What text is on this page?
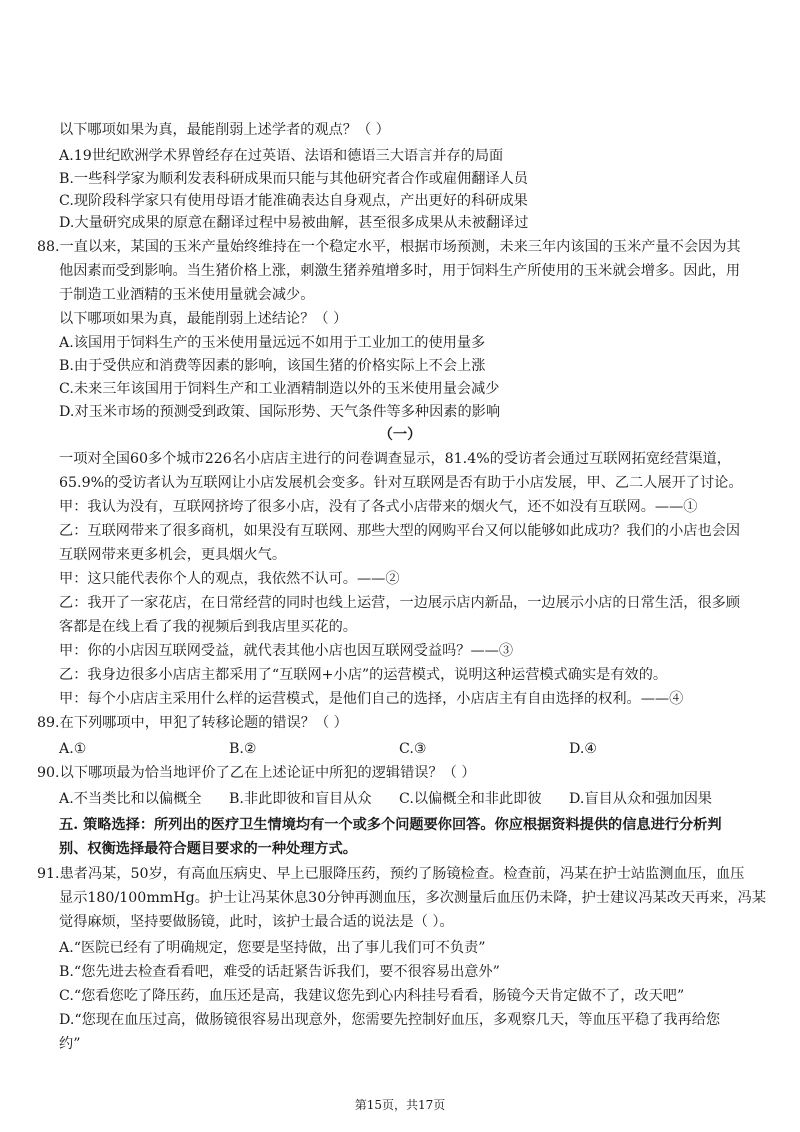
以下哪项如果为真，最能削弱上述学者的观点？（ ）
A.19世纪欧洲学术界曾经存在过英语、法语和德语三大语言并存的局面
B.一些科学家为顺利发表科研成果而只能与其他研究者合作或雇佣翻译人员
C.现阶段科学家只有使用母语才能准确表达自身观点，产出更好的科研成果
D.大量研究成果的原意在翻译过程中易被曲解，甚至很多成果从未被翻译过
88.一直以来，某国的玉米产量始终维持在一个稳定水平，根据市场预测，未来三年内该国的玉米产量不会因为其
他因素而受到影响。当生猪价格上涨，刺激生猪养殖增多时，用于饲料生产所使用的玉米就会增多。因此，用
于制造工业酒精的玉米使用量就会减少。
以下哪项如果为真，最能削弱上述结论？（ ）
A.该国用于饲料生产的玉米使用量远远不如用于工业加工的使用量多
B.由于受供应和消费等因素的影响，该国生猪的价格实际上不会上涨
C.未来三年该国用于饲料生产和工业酒精制造以外的玉米使用量会减少
D.对玉米市场的预测受到政策、国际形势、天气条件等多种因素的影响
（一）
一项对全国60多个城市226名小店店主进行的问卷调查显示，81.4%的受访者会通过互联网拓宽经营渠道，
65.9%的受访者认为互联网让小店发展机会变多。针对互联网是否有助于小店发展，甲、乙二人展开了讨论。
甲：我认为没有，互联网挤垮了很多小店，没有了各式小店带来的烟火气，还不如没有互联网。——①
乙：互联网带来了很多商机，如果没有互联网、那些大型的网购平台又何以能够如此成功？我们的小店也会因
互联网带来更多机会，更具烟火气。
甲：这只能代表你个人的观点，我依然不认可。——②
乙：我开了一家花店，在日常经营的同时也线上运营，一边展示店内新品，一边展示小店的日常生活，很多顾
客都是在线上看了我的视频后到我店里买花的。
甲：你的小店因互联网受益，就代表其他小店也因互联网受益吗？——③
乙：我身边很多小店店主都采用了“互联网+小店”的运营模式，说明这种运营模式确实是有效的。
甲：每个小店店主采用什么样的运营模式，是他们自己的选择，小店店主有自由选择的权利。——④
89.在下列哪项中，甲犯了转移论题的错误？（ ）
A.①	B.②	C.③	D.④
90.以下哪项最为恰当地评价了乙在上述论证中所犯的逻辑错误？（ ）
A.不当类比和以偏概全 B.非此即彼和盲目从众 C.以偏概全和非此即彼 D.盲目从众和强加因果
五. 策略选择：所列出的医疗卫生情境均有一个或多个问题要你回答。你应根据资料提供的信息进行分析判
别、权衡选择最符合题目要求的一种处理方式。
91.患者冯某，50岁，有高血压病史、早上已服降压药，预约了肠镜检查。检查前，冯某在护士站监测血压，血压
显示180/100mmHg。护士让冯某休息30分钟再测血压，多次测量后血压仍未降，护士建议冯某改天再来，冯某
觉得麻烦，坚持要做肠镜，此时，该护士最合适的说法是（ ）。
A.“医院已经有了明确规定，您要是坚持做，出了事儿我们可不负责”
B.“您先进去检查看看吧，难受的话赶紧告诉我们，要不很容易出意外”
C.“您看您吃了降压药，血压还是高，我建议您先到心内科挂号看看，肠镜今天肯定做不了，改天吧”
D.“您现在血压过高，做肠镜很容易出现意外，您需要先控制好血压，多观察几天，等血压平稳了我再给您
约”
第15页，共17页
